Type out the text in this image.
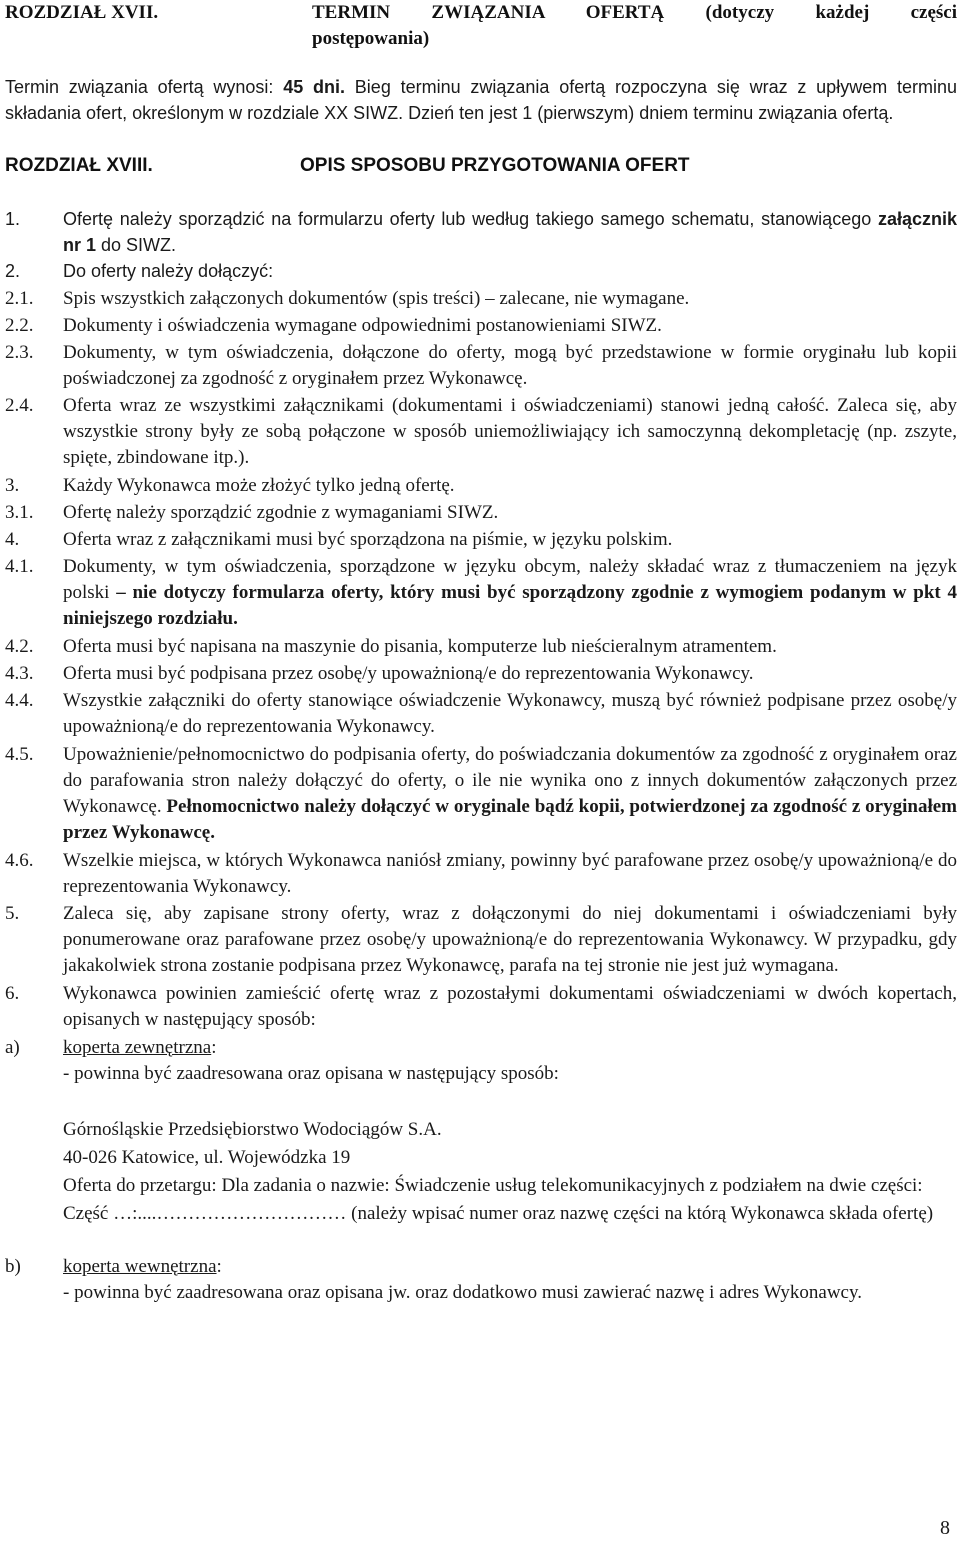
ROZDZIAŁ XVII.	TERMIN ZWIĄZANIA OFERTĄ (dotyczy każdej części
postępowania)
Termin związania ofertą wynosi: 45 dni. Bieg terminu związania ofertą rozpoczyna się wraz z upływem terminu składania ofert, określonym w rozdziale XX SIWZ. Dzień ten jest 1 (pierwszym) dniem terminu związania ofertą.
ROZDZIAŁ XVIII.	OPIS SPOSOBU PRZYGOTOWANIA OFERT
1. Ofertę należy sporządzić na formularzu oferty lub według takiego samego schematu, stanowiącego załącznik nr 1 do SIWZ.
2. Do oferty należy dołączyć:
2.1. Spis wszystkich załączonych dokumentów (spis treści) – zalecane, nie wymagane.
2.2. Dokumenty i oświadczenia wymagane odpowiednimi postanowieniami SIWZ.
2.3. Dokumenty, w tym oświadczenia, dołączone do oferty, mogą być przedstawione w formie oryginału lub kopii poświadczonej za zgodność z oryginałem przez Wykonawcę.
2.4. Oferta wraz ze wszystkimi załącznikami (dokumentami i oświadczeniami) stanowi jedną całość. Zaleca się, aby wszystkie strony były ze sobą połączone w sposób uniemożliwiający ich samoczynną dekompletację (np. zszyte, spięte, zbindowane itp.).
3. Każdy Wykonawca może złożyć tylko jedną ofertę.
3.1. Ofertę należy sporządzić zgodnie z wymaganiami SIWZ.
4. Oferta wraz z załącznikami musi być sporządzona na piśmie, w języku polskim.
4.1. Dokumenty, w tym oświadczenia, sporządzone w języku obcym, należy składać wraz z tłumaczeniem na język polski – nie dotyczy formularza oferty, który musi być sporządzony zgodnie z wymogiem podanym w pkt 4 niniejszego rozdziału.
4.2. Oferta musi być napisana na maszynie do pisania, komputerze lub nieścieralnym atramentem.
4.3. Oferta musi być podpisana przez osobę/y upoważnioną/e do reprezentowania Wykonawcy.
4.4. Wszystkie załączniki do oferty stanowiące oświadczenie Wykonawcy, muszą być również podpisane przez osobę/y upoważnioną/e do reprezentowania Wykonawcy.
4.5. Upoważnienie/pełnomocnictwo do podpisania oferty, do poświadczania dokumentów za zgodność z oryginałem oraz do parafowania stron należy dołączyć do oferty, o ile nie wynika ono z innych dokumentów załączonych przez Wykonawcę. Pełnomocnictwo należy dołączyć w oryginale bądź kopii, potwierdzonej za zgodność z oryginałem przez Wykonawcę.
4.6. Wszelkie miejsca, w których Wykonawca naniósł zmiany, powinny być parafowane przez osobę/y upoważnioną/e do reprezentowania Wykonawcy.
5. Zaleca się, aby zapisane strony oferty, wraz z dołączonymi do niej dokumentami i oświadczeniami były ponumerowane oraz parafowane przez osobę/y upoważnioną/e do reprezentowania Wykonawcy. W przypadku, gdy jakakolwiek strona zostanie podpisana przez Wykonawcę, parafa na tej stronie nie jest już wymagana.
6. Wykonawca powinien zamieścić ofertę wraz z pozostałymi dokumentami oświadczeniami w dwóch kopertach, opisanych w następujący sposób:
a) koperta zewnętrzna:
- powinna być zaadresowana oraz opisana w następujący sposób:
Górnośląskie Przedsiębiorstwo Wodociągów S.A.
40-026 Katowice, ul. Wojewódzka 19
Oferta do przetargu: Dla zadania o nazwie: Świadczenie usług telekomunikacyjnych z podziałem na dwie części:
Część …:....………………………… (należy wpisać numer oraz nazwę części na którą Wykonawca składa ofertę)
b) koperta wewnętrzna:
- powinna być zaadresowana oraz opisana jw. oraz dodatkowo musi zawierać nazwę i adres Wykonawcy.
8
